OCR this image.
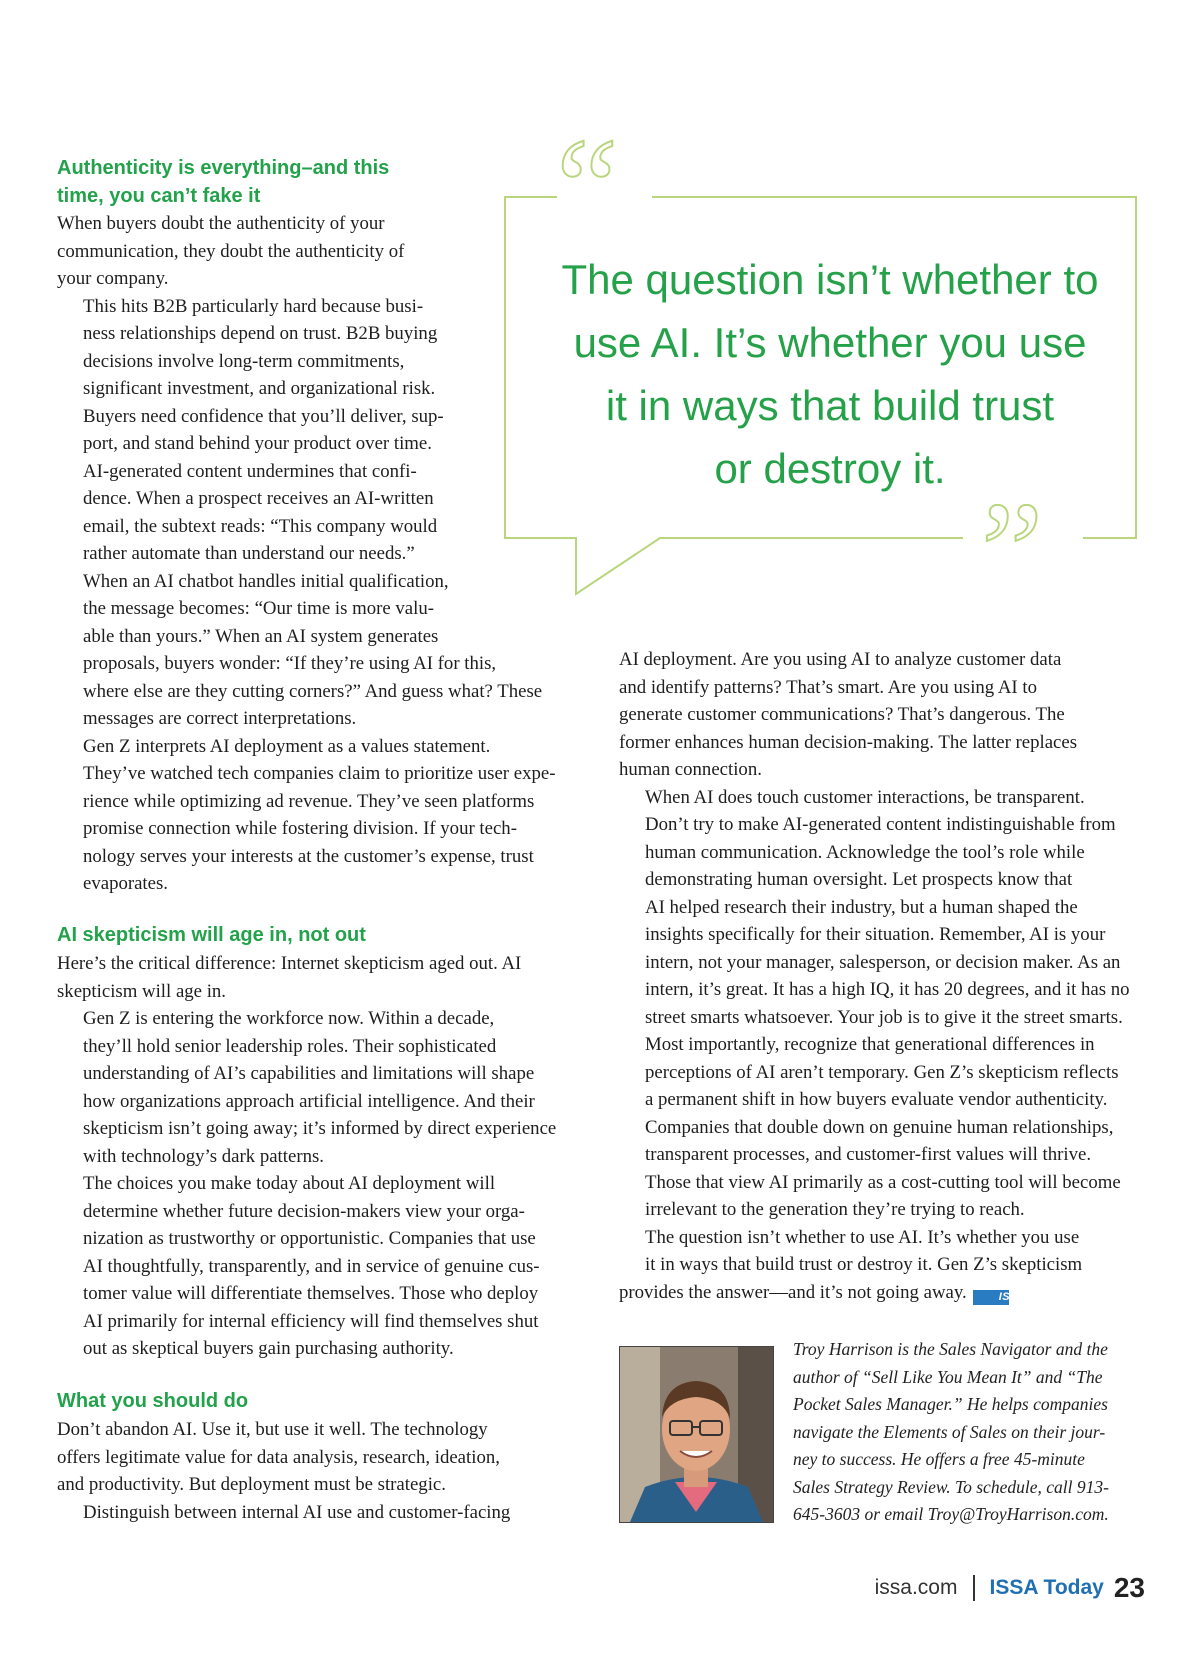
Authenticity is everything–and this
time, you can’t fake it

When buyers doubt the authenticity of your
communication, they doubt the authenticity of
your company.

This hits B2B particularly hard because busi-
ness relationships depend on trust. B2B buying
decisions involve long-term commitments,
significant investment, and organizational risk.
Buyers need confidence that you’ll deliver, sup-
port, and stand behind your product over time.

AI-generated content undermines that confi-
dence. When a prospect receives an AI-written
email, the subtext reads: “This company would
rather automate than understand our needs.”
When an AI chatbot handles initial qualification,
the message becomes: “Our time is more valu-
able than yours.” When an AI system generates
proposals, buyers wonder: “If they’re using AI for this,
where else are they cutting corners?” And guess what? These
messages are correct interpretations.

Gen Z interprets AI deployment as a values statement.
They’ve watched tech companies claim to prioritize user expe-
rience while optimizing ad revenue. They’ve seen platforms
promise connection while fostering division. If your tech-
nology serves your interests at the customer’s expense, trust
evaporates.

AI skepticism will age in, not out

Here’s the critical difference: Internet skepticism aged out. AI
skepticism will age in.

Gen Z is entering the workforce now. Within a decade,
they’ll hold senior leadership roles. Their sophisticated
understanding of AI’s capabilities and limitations will shape
how organizations approach artificial intelligence. And their
skepticism isn’t going away; it’s informed by direct experience
with technology’s dark patterns.

The choices you make today about AI deployment will
determine whether future decision-makers view your orga-
nization as trustworthy or opportunistic. Companies that use
AI thoughtfully, transparently, and in service of genuine cus-
tomer value will differentiate themselves. Those who deploy
AI primarily for internal efficiency will find themselves shut
out as skeptical buyers gain purchasing authority.

What you should do

Don’t abandon AI. Use it, but use it well. The technology
offers legitimate value for data analysis, research, ideation,
and productivity. But deployment must be strategic.

Distinguish between internal AI use and customer-facing

“
”
The question isn’t whether to
use AI. It’s whether you use
it in ways that build trust
or destroy it.

AI deployment. Are you using AI to analyze customer data
and identify patterns? That’s smart. Are you using AI to
generate customer communications? That’s dangerous. The
former enhances human decision-making. The latter replaces
human connection.

When AI does touch customer interactions, be transparent.
Don’t try to make AI-generated content indistinguishable from
human communication. Acknowledge the tool’s role while
demonstrating human oversight. Let prospects know that
AI helped research their industry, but a human shaped the
insights specifically for their situation. Remember, AI is your
intern, not your manager, salesperson, or decision maker. As an
intern, it’s great. It has a high IQ, it has 20 degrees, and it has no
street smarts whatsoever. Your job is to give it the street smarts.

Most importantly, recognize that generational differences in
perceptions of AI aren’t temporary. Gen Z’s skepticism reflects
a permanent shift in how buyers evaluate vendor authenticity.
Companies that double down on genuine human relationships,
transparent processes, and customer-first values will thrive.
Those that view AI primarily as a cost-cutting tool will become
irrelevant to the generation they’re trying to reach.

The question isn’t whether to use AI. It’s whether you use
it in ways that build trust or destroy it. Gen Z’s skepticism
provides the answer—and it’s not going away.	ISSA

Troy Harrison is the Sales Navigator and the
author of “Sell Like You Mean It” and “The
Pocket Sales Manager.” He helps companies
navigate the Elements of Sales on their jour-
ney to success. He offers a free 45-minute
Sales Strategy Review. To schedule, call 913-
645-3603 or email Troy@TroyHarrison.com.

issa.com ISSA Today 23
